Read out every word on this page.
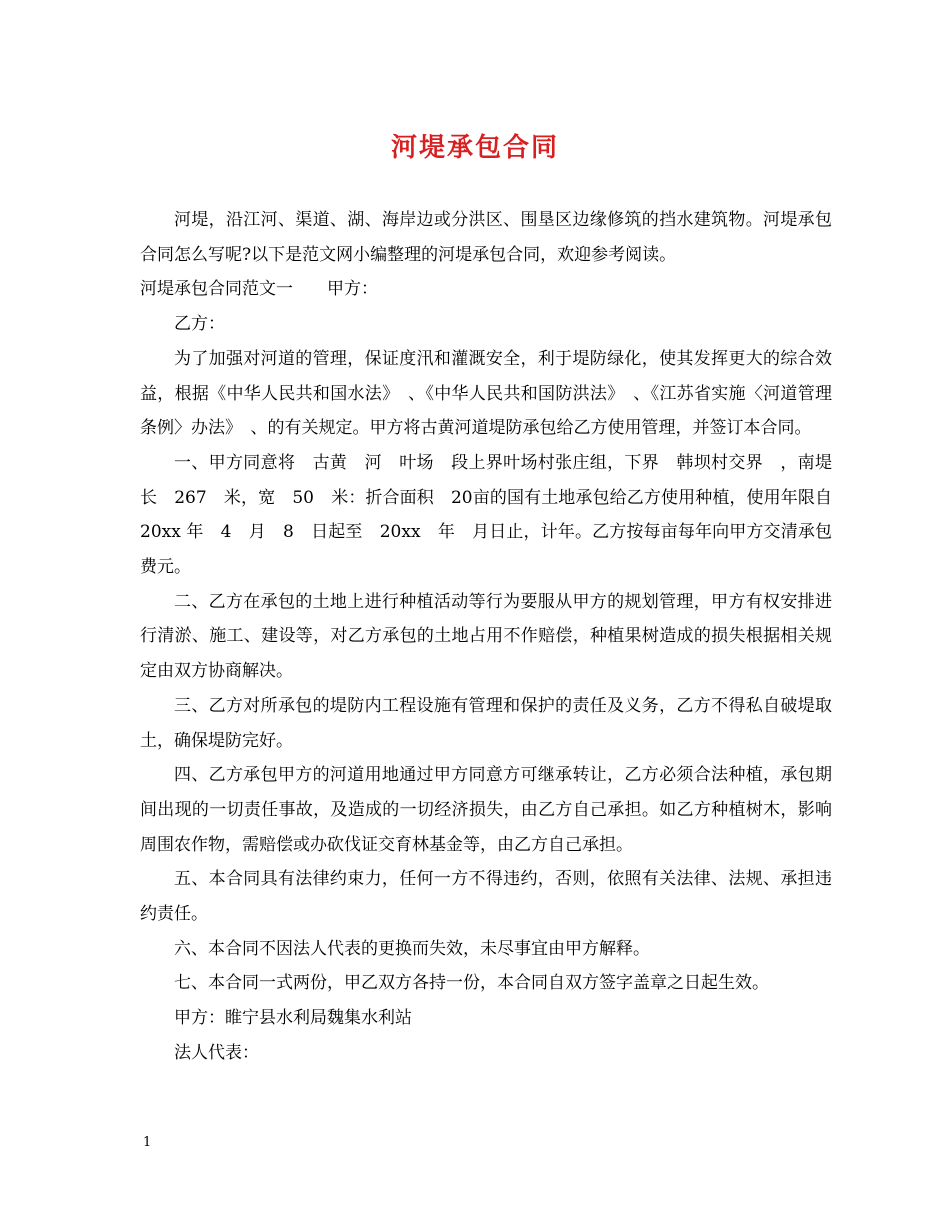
河堤承包合同

河堤，沿江河、渠道、湖、海岸边或分洪区、围垦区边缘修筑的挡水建筑物。河堤承包合同怎么写呢?以下是范文网小编整理的河堤承包合同，欢迎参考阅读。

河堤承包合同范文一　　甲方：

乙方：

为了加强对河道的管理，保证度汛和灌溉安全，利于堤防绿化，使其发挥更大的综合效益，根据《中华人民共和国水法》　、《中华人民共和国防洪法》　、《江苏省实施〈河道管理条例〉办法》　、的有关规定。甲方将古黄河道堤防承包给乙方使用管理，并签订本合同。

一、甲方同意将　古黄　河　叶场　段上界叶场村张庄组，下界　韩坝村交界　，南堤长　267　米，宽　50　米：折合面积　20亩的国有土地承包给乙方使用种植，使用年限自　20xx 年　4　月　8　日起至　20xx　年　月日止，计年。乙方按每亩每年向甲方交清承包费元。

二、乙方在承包的土地上进行种植活动等行为要服从甲方的规划管理，甲方有权安排进行清淤、施工、建设等，对乙方承包的土地占用不作赔偿，种植果树造成的损失根据相关规定由双方协商解决。

三、乙方对所承包的堤防内工程设施有管理和保护的责任及义务，乙方不得私自破堤取土，确保堤防完好。

四、乙方承包甲方的河道用地通过甲方同意方可继承转让，乙方必须合法种植，承包期间出现的一切责任事故，及造成的一切经济损失，由乙方自己承担。如乙方种植树木，影响周围农作物，需赔偿或办砍伐证交育林基金等，由乙方自己承担。

五、本合同具有法律约束力，任何一方不得违约，否则，依照有关法律、法规、承担违约责任。

六、本合同不因法人代表的更换而失效，未尽事宜由甲方解释。

七、本合同一式两份，甲乙双方各持一份，本合同自双方签字盖章之日起生效。

甲方：睢宁县水利局魏集水利站

法人代表：

1
